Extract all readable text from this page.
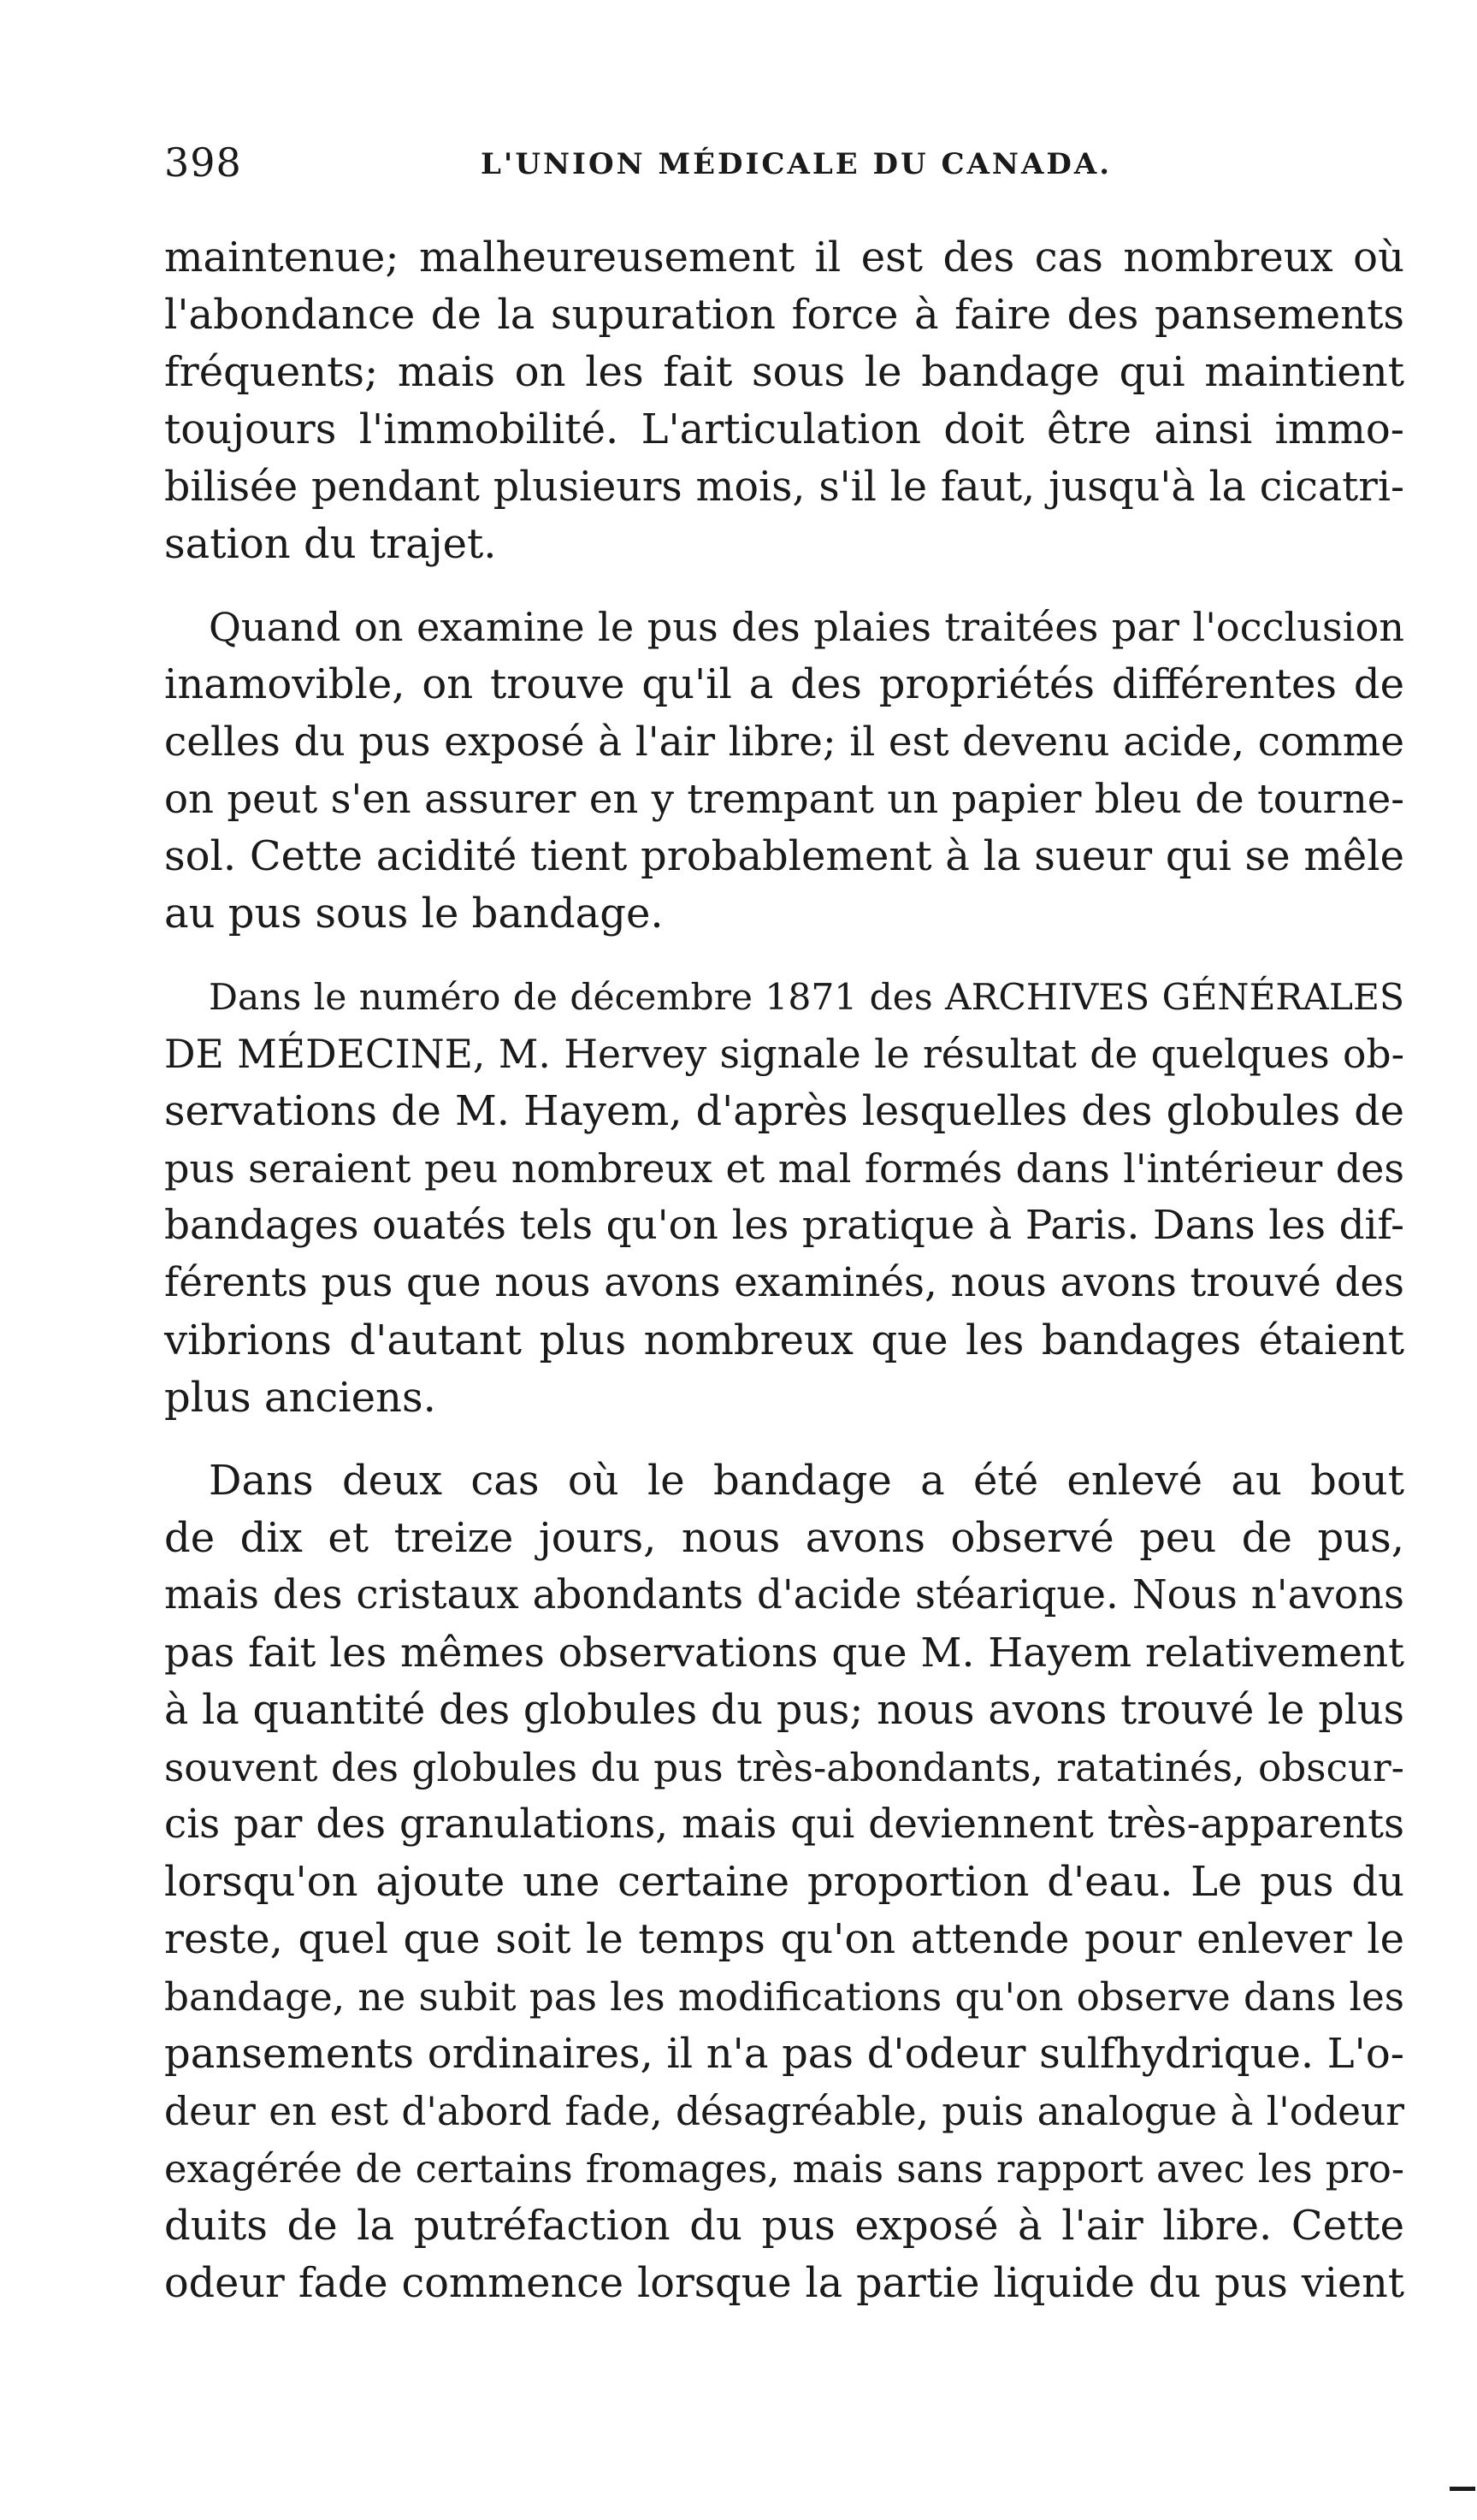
398	L'UNION MÉDICALE DU CANADA.
maintenue; malheureusement il est des cas nombreux où
l'abondance de la supuration force à faire des pansements
fréquents; mais on les fait sous le bandage qui maintient
toujours l'immobilité. L'articulation doit être ainsi immo-
bilisée pendant plusieurs mois, s'il le faut, jusqu'à la cicatri-
sation du trajet.
Quand on examine le pus des plaies traitées par l'occlusion
inamovible, on trouve qu'il a des propriétés différentes de
celles du pus exposé à l'air libre; il est devenu acide, comme
on peut s'en assurer en y trempant un papier bleu de tourne-
sol. Cette acidité tient probablement à la sueur qui se mêle
au pus sous le bandage.
Dans le numéro de décembre 1871 des ARCHIVES GÉNÉRALES
DE MÉDECINE, M. Hervey signale le résultat de quelques ob-
servations de M. Hayem, d'après lesquelles des globules de
pus seraient peu nombreux et mal formés dans l'intérieur des
bandages ouatés tels qu'on les pratique à Paris. Dans les dif-
férents pus que nous avons examinés, nous avons trouvé des
vibrions d'autant plus nombreux que les bandages étaient
plus anciens.
Dans deux cas où le bandage a été enlevé au bout
de dix et treize jours, nous avons observé peu de pus,
mais des cristaux abondants d'acide stéarique. Nous n'avons
pas fait les mêmes observations que M. Hayem relativement
à la quantité des globules du pus; nous avons trouvé le plus
souvent des globules du pus très-abondants, ratatinés, obscur-
cis par des granulations, mais qui deviennent très-apparents
lorsqu'on ajoute une certaine proportion d'eau. Le pus du
reste, quel que soit le temps qu'on attende pour enlever le
bandage, ne subit pas les modifications qu'on observe dans les
pansements ordinaires, il n'a pas d'odeur sulfhydrique. L'o-
deur en est d'abord fade, désagréable, puis analogue à l'odeur
exagérée de certains fromages, mais sans rapport avec les pro-
duits de la putréfaction du pus exposé à l'air libre. Cette
odeur fade commence lorsque la partie liquide du pus vient
